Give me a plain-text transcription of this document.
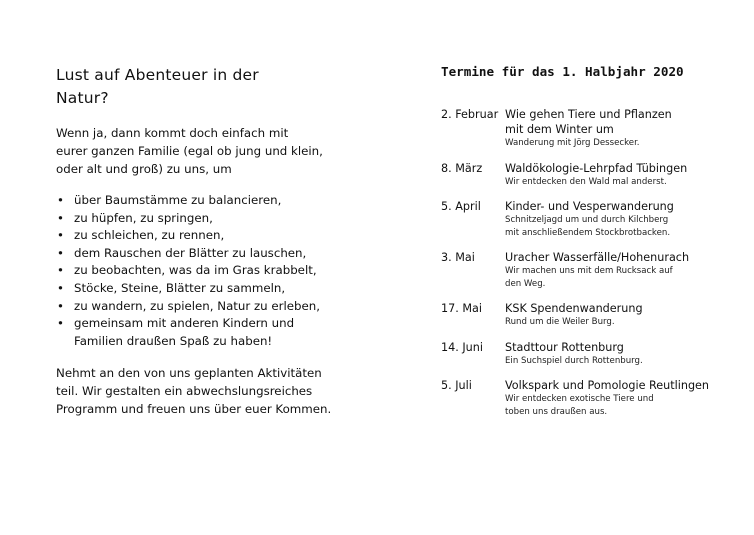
Lust auf Abenteuer in der
Natur?

Wenn ja, dann kommt doch einfach mit
eurer ganzen Familie (egal ob jung und klein,
oder alt und groß) zu uns, um

• über Baumstämme zu balancieren,
• zu hüpfen, zu springen,
• zu schleichen, zu rennen,
• dem Rauschen der Blätter zu lauschen,
• zu beobachten, was da im Gras krabbelt,
• Stöcke, Steine, Blätter zu sammeln,
• zu wandern, zu spielen, Natur zu erleben,
• gemeinsam mit anderen Kindern und
Familien draußen Spaß zu haben!

Nehmt an den von uns geplanten Aktivitäten
teil. Wir gestalten ein abwechslungsreiches
Programm und freuen uns über euer Kommen.

Termine für das 1. Halbjahr 2020
2. Februar Wie gehen Tiere und Pflanzen
mit dem Winter um
Wanderung mit Jörg Dessecker.
8. März	Waldökologie-Lehrpfad Tübingen
Wir entdecken den Wald mal anderst.
5. April	Kinder- und Vesperwanderung
Schnitzeljagd um und durch Kilchberg
mit anschließendem Stockbrotbacken.
3. Mai	Uracher Wasserfälle/Hohenurach
Wir machen uns mit dem Rucksack auf
den Weg.
17. Mai	KSK Spendenwanderung
Rund um die Weiler Burg.
14. Juni	Stadttour Rottenburg
Ein Suchspiel durch Rottenburg.
5. Juli	Volkspark und Pomologie Reutlingen
Wir entdecken exotische Tiere und
toben uns draußen aus.
